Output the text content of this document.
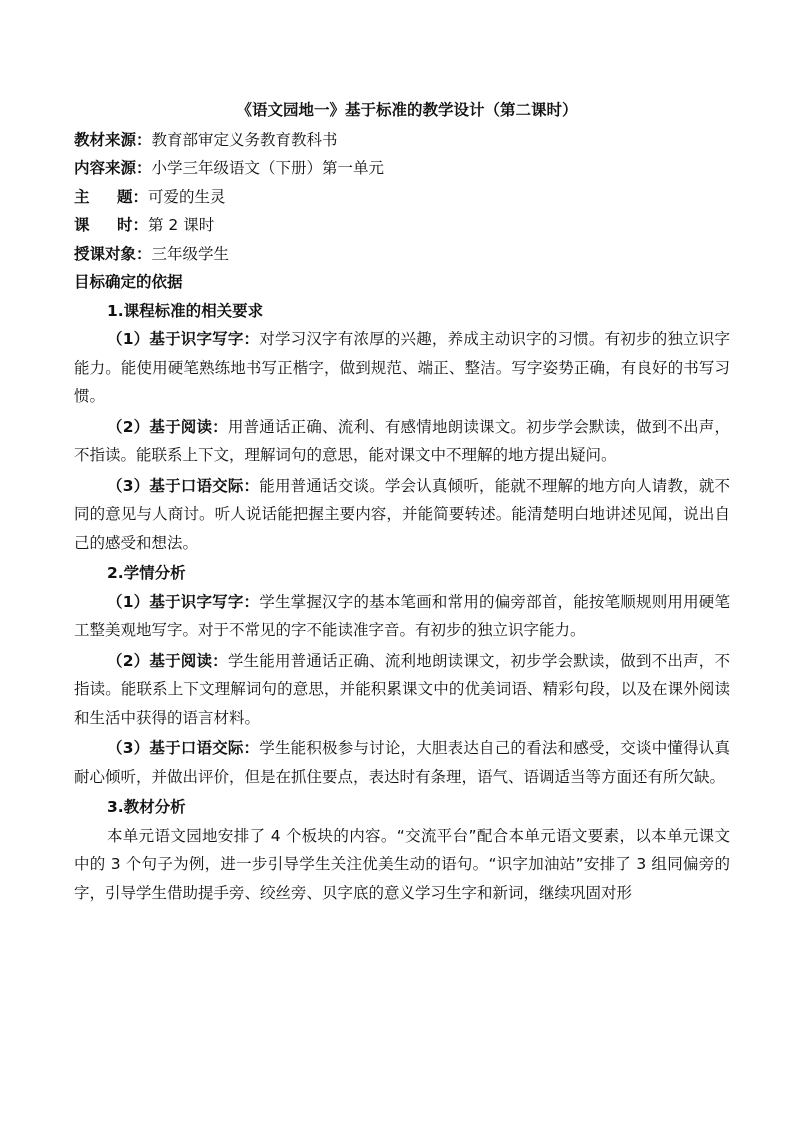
《语文园地一》基于标准的教学设计（第二课时）
教材来源：教育部审定义务教育教科书
内容来源：小学三年级语文（下册）第一单元
主 题：可爱的生灵
课 时：第 2 课时
授课对象：三年级学生
目标确定的依据
1.课程标准的相关要求

（1）基于识字写字：对学习汉字有浓厚的兴趣，养成主动识字的习惯。有初步的独立识字能力。能使用硬笔熟练地书写正楷字，做到规范、端正、整洁。写字姿势正确，有良好的书写习惯。

（2）基于阅读：用普通话正确、流利、有感情地朗读课文。初步学会默读，做到不出声，不指读。能联系上下文，理解词句的意思，能对课文中不理解的地方提出疑问。

（3）基于口语交际：能用普通话交谈。学会认真倾听，能就不理解的地方向人请教，就不同的意见与人商讨。听人说话能把握主要内容，并能简要转述。能清楚明白地讲述见闻，说出自己的感受和想法。

2.学情分析

（1）基于识字写字：学生掌握汉字的基本笔画和常用的偏旁部首，能按笔顺规则用用硬笔工整美观地写字。对于不常见的字不能读准字音。有初步的独立识字能力。

（2）基于阅读：学生能用普通话正确、流利地朗读课文，初步学会默读，做到不出声，不指读。能联系上下文理解词句的意思，并能积累课文中的优美词语、精彩句段，以及在课外阅读和生活中获得的语言材料。

（3）基于口语交际：学生能积极参与讨论，大胆表达自己的看法和感受，交谈中懂得认真耐心倾听，并做出评价，但是在抓住要点，表达时有条理，语气、语调适当等方面还有所欠缺。

3.教材分析

本单元语文园地安排了 4 个板块的内容。“交流平台”配合本单元语文要素，以本单元课文中的 3 个句子为例，进一步引导学生关注优美生动的语句。“识字加油站”安排了 3 组同偏旁的字，引导学生借助提手旁、绞丝旁、贝字底的意义学习生字和新词，继续巩固对形
